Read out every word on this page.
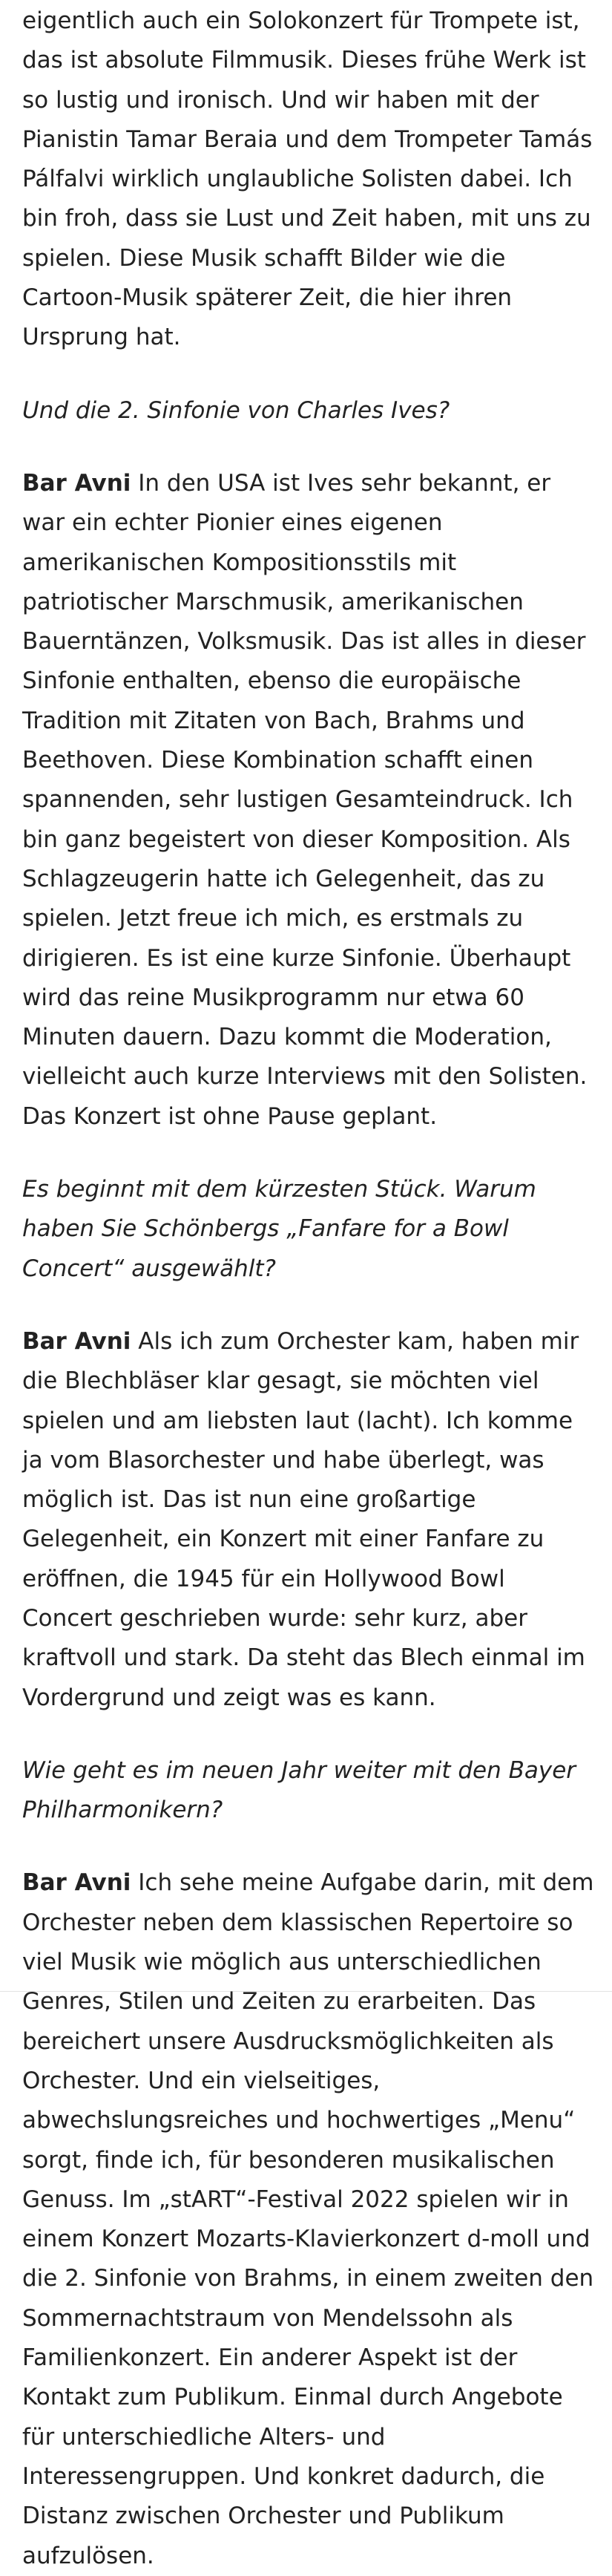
eigentlich auch ein Solokonzert für Trompete ist, das ist absolute Filmmusik. Dieses frühe Werk ist so lustig und ironisch. Und wir haben mit der Pianistin Tamar Beraia und dem Trompeter Tamás Pálfalvi wirklich unglaubliche Solisten dabei. Ich bin froh, dass sie Lust und Zeit haben, mit uns zu spielen. Diese Musik schafft Bilder wie die Cartoon-Musik späterer Zeit, die hier ihren Ursprung hat.

Und die 2. Sinfonie von Charles Ives?

Bar Avni In den USA ist Ives sehr bekannt, er war ein echter Pionier eines eigenen amerikanischen Kompositionsstils mit patriotischer Marschmusik, amerikanischen Bauerntänzen, Volksmusik. Das ist alles in dieser Sinfonie enthalten, ebenso die europäische Tradition mit Zitaten von Bach, Brahms und Beethoven. Diese Kombination schafft einen spannenden, sehr lustigen Gesamteindruck. Ich bin ganz begeistert von dieser Komposition. Als Schlagzeugerin hatte ich Gelegenheit, das zu spielen. Jetzt freue ich mich, es erstmals zu dirigieren. Es ist eine kurze Sinfonie. Überhaupt wird das reine Musikprogramm nur etwa 60 Minuten dauern. Dazu kommt die Moderation, vielleicht auch kurze Interviews mit den Solisten. Das Konzert ist ohne Pause geplant.

Es beginnt mit dem kürzesten Stück. Warum haben Sie Schönbergs „Fanfare for a Bowl Concert“ ausgewählt?

Bar Avni Als ich zum Orchester kam, haben mir die Blechbläser klar gesagt, sie möchten viel spielen und am liebsten laut (lacht). Ich komme ja vom Blasorchester und habe überlegt, was möglich ist. Das ist nun eine großartige Gelegenheit, ein Konzert mit einer Fanfare zu eröffnen, die 1945 für ein Hollywood Bowl Concert geschrieben wurde: sehr kurz, aber kraftvoll und stark. Da steht das Blech einmal im Vordergrund und zeigt was es kann.

Wie geht es im neuen Jahr weiter mit den Bayer Philharmonikern?

Bar Avni Ich sehe meine Aufgabe darin, mit dem Orchester neben dem klassischen Repertoire so viel Musik wie möglich aus unterschiedlichen Genres, Stilen und Zeiten zu erarbeiten. Das bereichert unsere Ausdrucksmöglichkeiten als Orchester. Und ein vielseitiges, abwechslungsreiches und hochwertiges „Menu“ sorgt, finde ich, für besonderen musikalischen Genuss. Im „stART“-Festival 2022 spielen wir in einem Konzert Mozarts-Klavierkonzert d-moll und die 2. Sinfonie von Brahms, in einem zweiten den Sommernachtstraum von Mendelssohn als Familienkonzert. Ein anderer Aspekt ist der Kontakt zum Publikum. Einmal durch Angebote für unterschiedliche Alters- und Interessengruppen. Und konkret dadurch, die Distanz zwischen Orchester und Publikum aufzulösen.
